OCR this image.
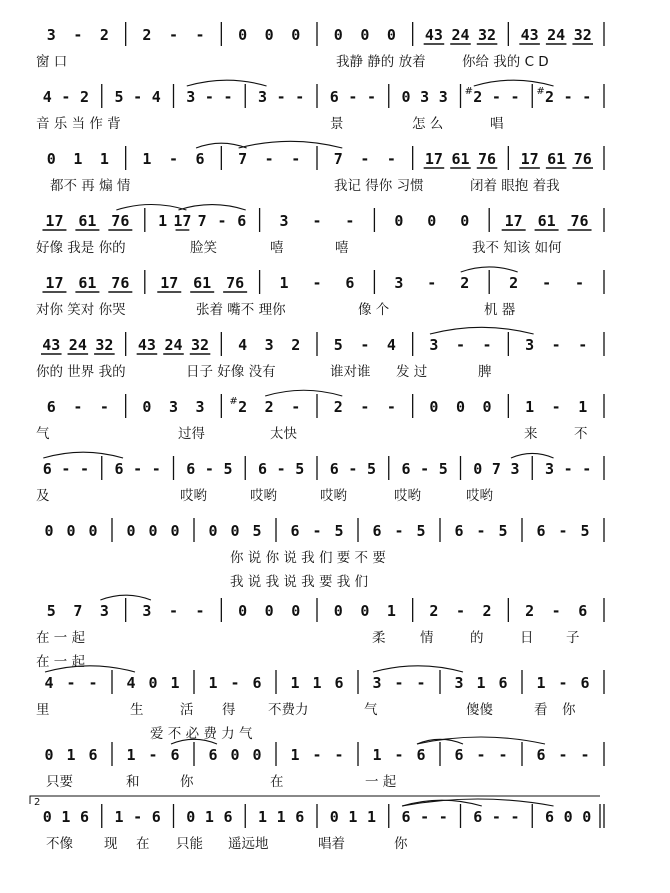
3 - 2 2 - - 0 0 0 0 0 0 43 24 32 43 24 32
窗 口	我静 静的 放着	你给 我的 C D
4 - 2 5 - 4 3 - - 3 - - 6 - - 0 3 3 2
# - - 2
# - -
音 乐 当 作 背	景	怎 么	唱
0 1 1 1 - 6 7 - - 7 - - 17 61 76 17 61 76
都不 再 煽 情	我记 得你 习惯	闭着 眼抱 着我
17 61 76 1 17 7 - 6 3 - -	0 0 0 17 61 76
好像 我是 你的	脸笑	嘻	嘻	我不 知该 如何
17 61 76 17 61 76 1 - 6	3 - 2	2 - -
对你 笑对 你哭	张着 嘴不 理你	像 个	机 器
43 24 32 43 24 32 4 3 2 5 - 4 3 - - 3 - -
你的 世界 我的	日子 好像 没有	谁对谁 发 过	脾
6 - - 0 3 3 2
# 2 - 2 - - 0 0 0 1 - 1
气	过得	太快	来	不
6 - - 6 - - 6 - 5 6 - 5 6 - 5 6 - 5 0 7 3 3 - -
及	哎哟	哎哟	哎哟	哎哟	哎哟
0 0 0 0 0 0 0 0 5 6 - 5 6 - 5 6 - 5 6 - 5
你 说 你 说 我 们 要 不 要
我 说 我 说 我 要 我 们
5 7 3 3 - - 0 0 0 0 0 1 2 - 2 2 - 6
在 一 起	柔	情	的	日 子
在 一 起
4 - - 4 0 1 1 - 6 1 1 6 3 - - 3 1 6 1 - 6
里	生	活 得 不费力	气	傻傻	看 你
爱 不 必 费 力 气
0 1 6 1 - 6 6 0 0 1 - - 1 - 6 6 - - 6 - -
只要	和	你	在	一 起
0 1 6 1 - 6 0 1 6 1 1 6 0 1 1 6 - - 6 - - 6 0 0
2
不像 现 在 只能 遥远地	唱着	你
